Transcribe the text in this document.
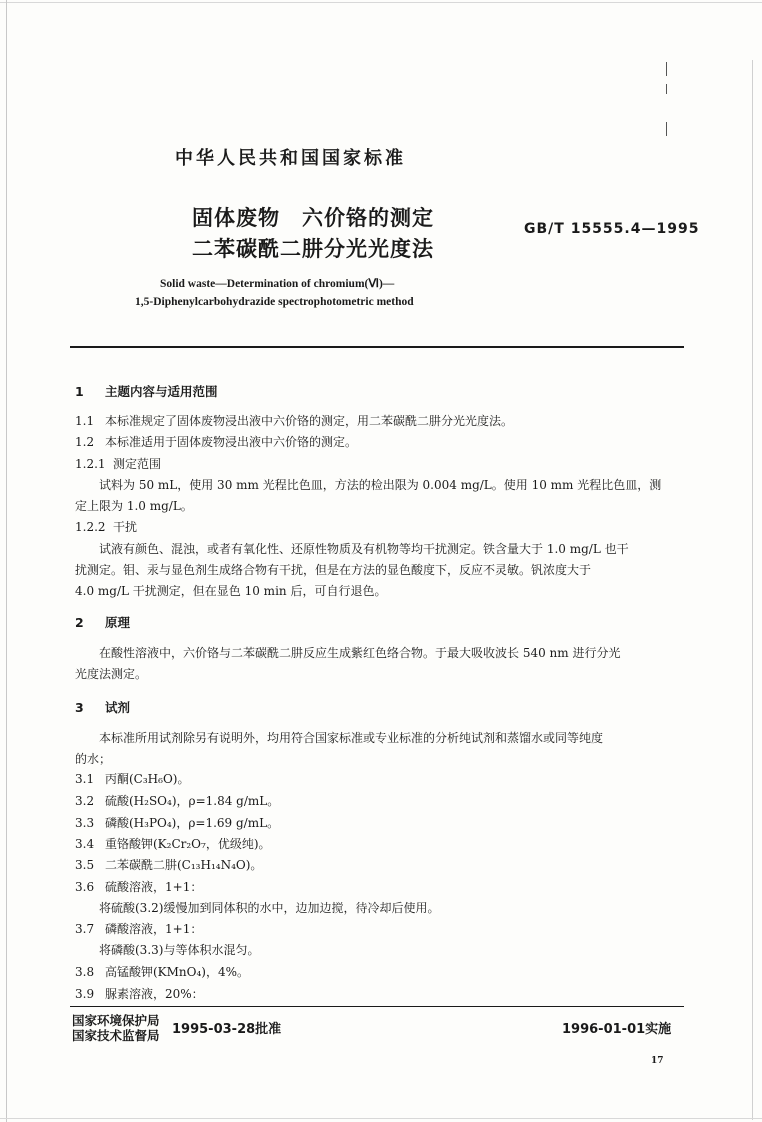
中华人民共和国国家标准
固体废物　六价铬的测定
二苯碳酰二肼分光光度法
GB/T 15555.4—1995
Solid waste—Determination of chromium(Ⅵ)—
1,5-Diphenylcarbohydrazide spectrophotometric method
1 主题内容与适用范围
1.1 本标准规定了固体废物浸出液中六价铬的测定，用二苯碳酰二肼分光光度法。
1.2 本标准适用于固体废物浸出液中六价铬的测定。
1.2.1 测定范围
试料为 50 mL，使用 30 mm 光程比色皿，方法的检出限为 0.004 mg/L。使用 10 mm 光程比色皿，测
定上限为 1.0 mg/L。
1.2.2 干扰
试液有颜色、混浊，或者有氧化性、还原性物质及有机物等均干扰测定。铁含量大于 1.0 mg/L 也干
扰测定。钼、汞与显色剂生成络合物有干扰，但是在方法的显色酸度下，反应不灵敏。钒浓度大于
4.0 mg/L 干扰测定，但在显色 10 min 后，可自行退色。
2 原理
在酸性溶液中，六价铬与二苯碳酰二肼反应生成紫红色络合物。于最大吸收波长 540 nm 进行分光
光度法测定。
3 试剂
本标准所用试剂除另有说明外，均用符合国家标准或专业标准的分析纯试剂和蒸馏水或同等纯度
的水；
3.1 丙酮(C₃H₆O)。
3.2 硫酸(H₂SO₄)，ρ=1.84 g/mL。
3.3 磷酸(H₃PO₄)，ρ=1.69 g/mL。
3.4 重铬酸钾(K₂Cr₂O₇，优级纯)。
3.5 二苯碳酰二肼(C₁₃H₁₄N₄O)。
3.6 硫酸溶液，1+1：
将硫酸(3.2)缓慢加到同体积的水中，边加边搅，待冷却后使用。
3.7 磷酸溶液，1+1：
将磷酸(3.3)与等体积水混匀。
3.8 高锰酸钾(KMnO₄)，4%。
3.9 脲素溶液，20%：
国家环境保护局
国家技术监督局 1995-03-28批准	1996-01-01实施
17
